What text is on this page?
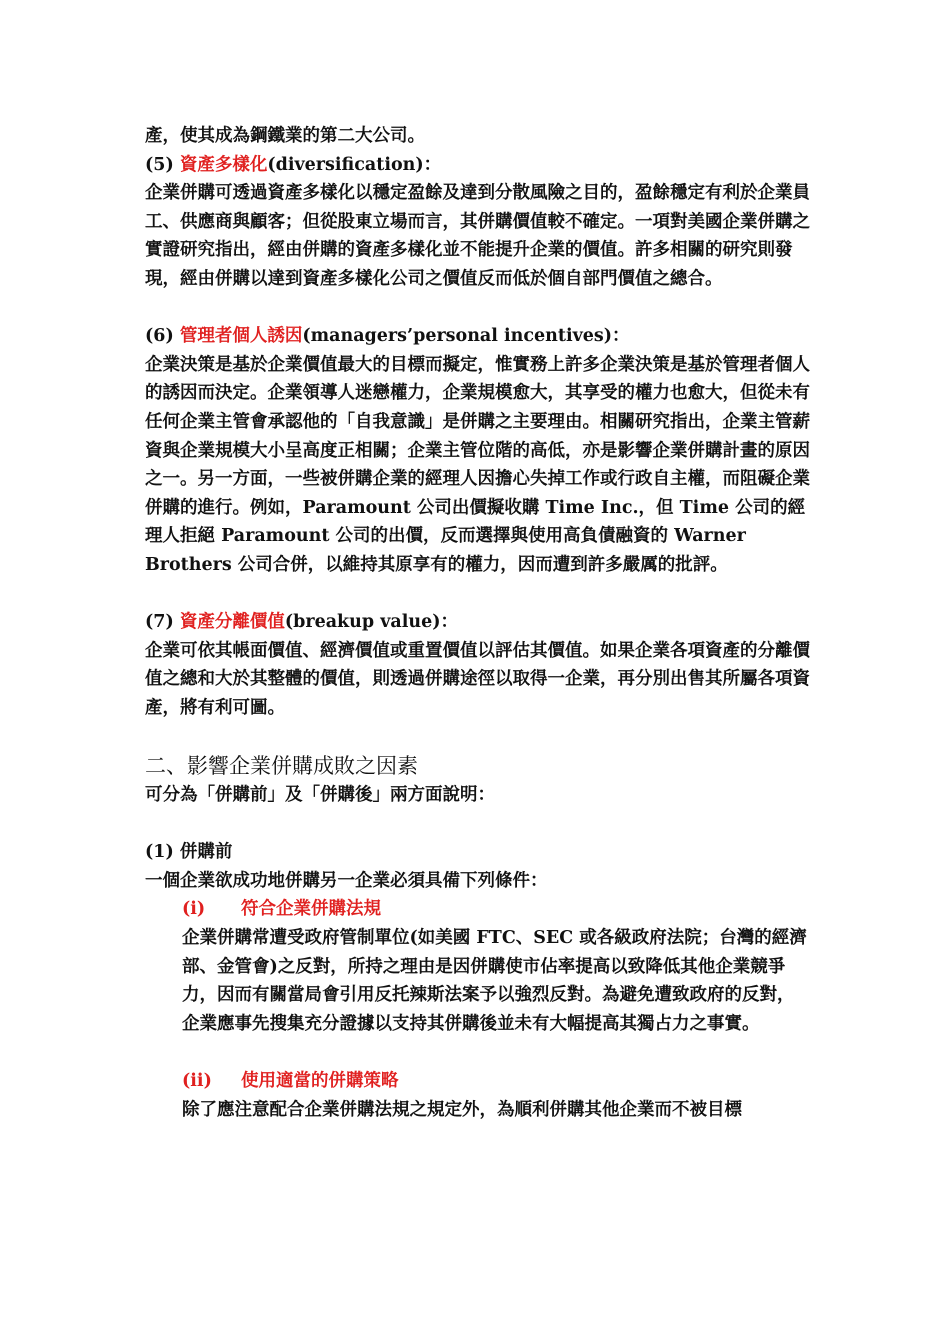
產，使其成為鋼鐵業的第二大公司。

(5) 資產多樣化(diversification)：

企業併購可透過資產多樣化以穩定盈餘及達到分散風險之目的，盈餘穩定有利於企業員工、供應商與顧客；但從股東立場而言，其併購價值較不確定。一項對美國企業併購之實證研究指出，經由併購的資產多樣化並不能提升企業的價值。許多相關的研究則發現，經由併購以達到資產多樣化公司之價值反而低於個自部門價值之總合。

(6) 管理者個人誘因(managers’personal incentives)：

企業決策是基於企業價值最大的目標而擬定，惟實務上許多企業決策是基於管理者個人的誘因而決定。企業領導人迷戀權力，企業規模愈大，其享受的權力也愈大，但從未有任何企業主管會承認他的「自我意識」是併購之主要理由。相關研究指出，企業主管薪資與企業規模大小呈高度正相關；企業主管位階的高低，亦是影響企業併購計畫的原因之一。另一方面，一些被併購企業的經理人因擔心失掉工作或行政自主權，而阻礙企業併購的進行。例如，Paramount 公司出價擬收購 Time Inc.，但 Time 公司的經理人拒絕 Paramount 公司的出價，反而選擇與使用高負債融資的 Warner Brothers 公司合併，以維持其原享有的權力，因而遭到許多嚴厲的批評。

(7) 資產分離價值(breakup value)：

企業可依其帳面價值、經濟價值或重置價值以評估其價值。如果企業各項資產的分離價值之總和大於其整體的價值，則透過併購途徑以取得一企業，再分別出售其所屬各項資產，將有利可圖。

二、影響企業併購成敗之因素

可分為「併購前」及「併購後」兩方面說明：

(1) 併購前

一個企業欲成功地併購另一企業必須具備下列條件：

(i) 符合企業併購法規

企業併購常遭受政府管制單位(如美國 FTC、SEC 或各級政府法院；台灣的經濟部、金管會)之反對，所持之理由是因併購使市佔率提高以致降低其他企業競爭力，因而有關當局會引用反托辣斯法案予以強烈反對。為避免遭致政府的反對，企業應事先搜集充分證據以支持其併購後並未有大幅提高其獨占力之事實。

(ii) 使用適當的併購策略

除了應注意配合企業併購法規之規定外，為順利併購其他企業而不被目標
